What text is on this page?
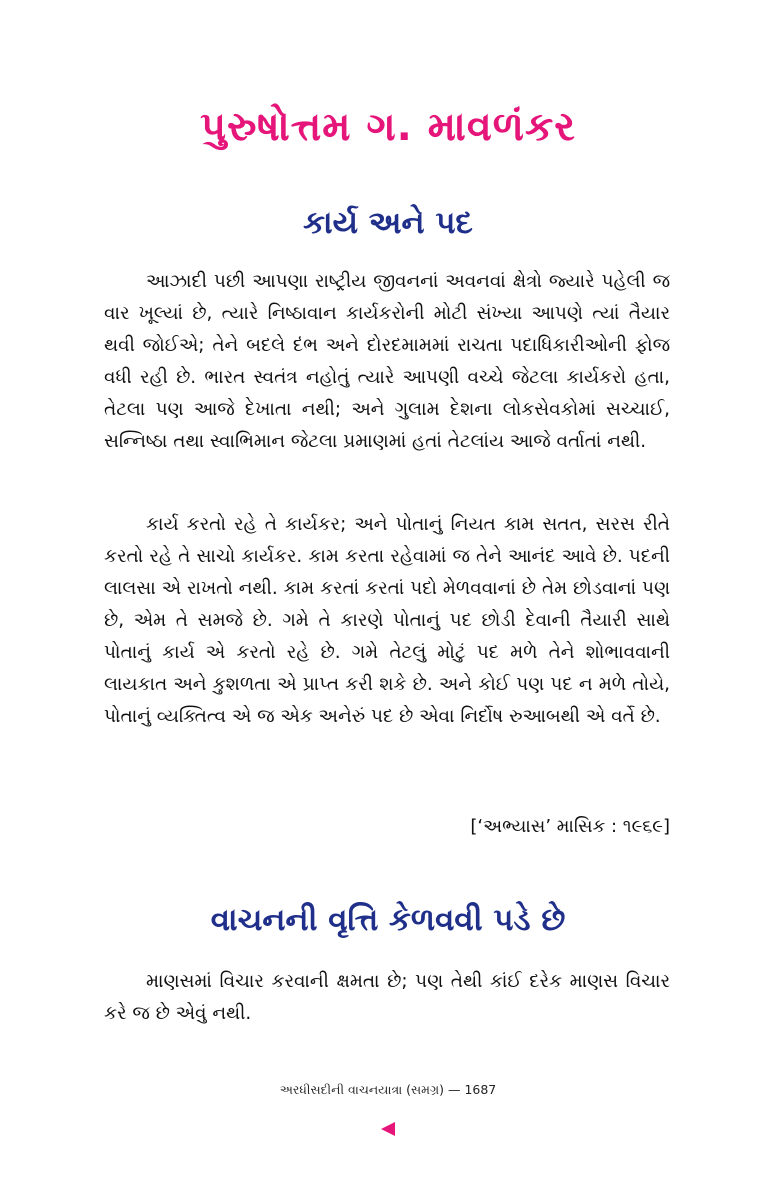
પુરુષોત્તમ ગ. માવળંકર
કાર્ય અને પદ

આઝાદી પછી આપણા રાષ્ટ્રીય જીવનનાં અવનવાં ક્ષેત્રો જ્યારે પહેલી જ વાર ખૂલ્યાં છે, ત્યારે નિષ્ઠાવાન કાર્યકરોની મોટી સંખ્યા આપણે ત્યાં તૈયાર થવી જોઈએ; તેને બદલે દંભ અને દોરદમામમાં રાચતા પદાધિકારીઓની ફોજ વધી રહી છે. ભારત સ્વતંત્ર નહોતું ત્યારે આપણી વચ્ચે જેટલા કાર્યકરો હતા, તેટલા પણ આજે દેખાતા નથી; અને ગુલામ દેશના લોકસેવકોમાં સચ્ચાઈ, સન્નિષ્ઠા તથા સ્વાભિમાન જેટલા પ્રમાણમાં હતાં તેટલાંય આજે વર્તાતાં નથી.

કાર્ય કરતો રહે તે કાર્યકર; અને પોતાનું નિયત કામ સતત, સરસ રીતે કરતો રહે તે સાચો કાર્યકર. કામ કરતા રહેવામાં જ તેને આનંદ આવે છે. પદની લાલસા એ રાખતો નથી. કામ કરતાં કરતાં પદો મેળવવાનાં છે તેમ છોડવાનાં પણ છે, એમ તે સમજે છે. ગમે તે કારણે પોતાનું પદ છોડી દેવાની તૈયારી સાથે પોતાનું કાર્ય એ કરતો રહે છે. ગમે તેટલું મોટું પદ મળે તેને શોભાવવાની લાયકાત અને કુશળતા એ પ્રાપ્ત કરી શકે છે. અને કોઈ પણ પદ ન મળે તોયે, પોતાનું વ્યક્તિત્વ એ જ એક અનેરું પદ છે એવા નિર્દોષ રુઆબથી એ વર્તે છે.

[‘અભ્યાસ’ માસિક : ૧૯૬૯]
વાચનની વૃત્તિ કેળવવી પડે છે

માણસમાં વિચાર કરવાની ક્ષમતા છે; પણ તેથી કાંઈ દરેક માણસ વિચાર કરે જ છે એવું નથી.

અરધીસદીની વાચનયાત્રા (સમગ્ર) — 1687
